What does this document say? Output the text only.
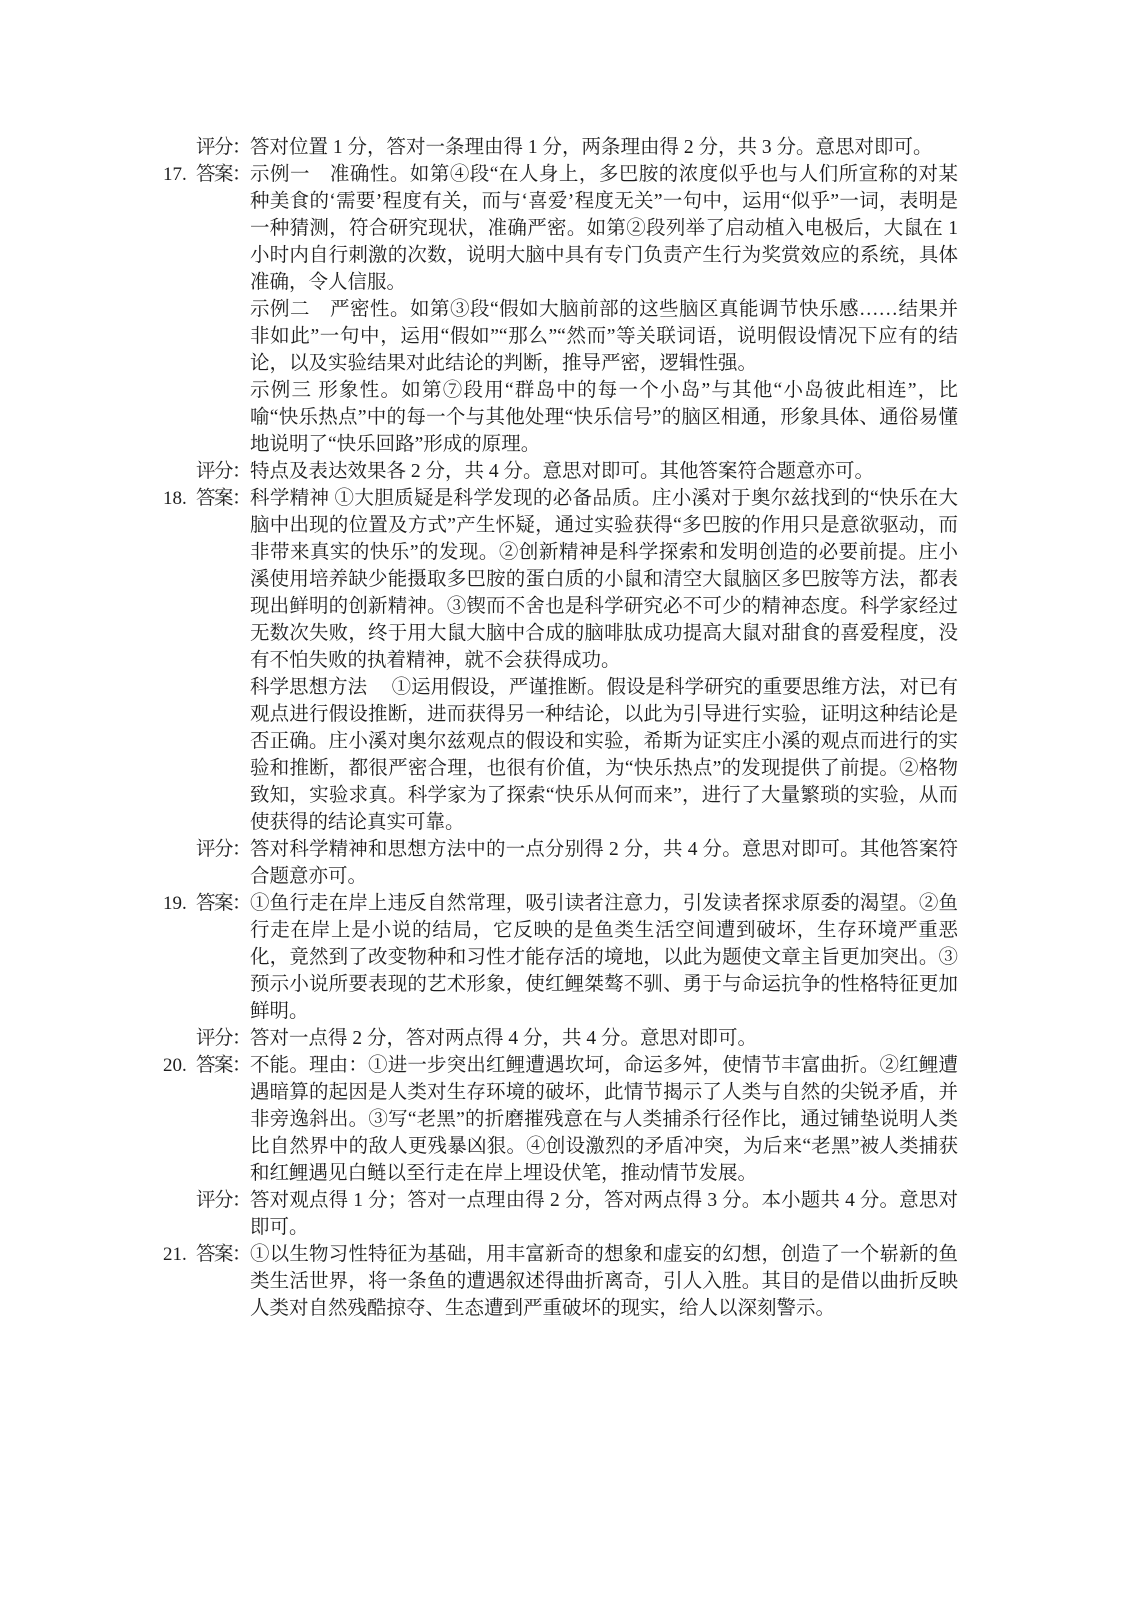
评分： 答对位置 1 分，答对一条理由得 1 分，两条理由得 2 分，共 3 分。意思对即可。
17. 答案： 示例一　准确性。如第④段“在人身上，多巴胺的浓度似乎也与人们所宣称的对某种美食的‘需要’程度有关，而与‘喜爱’程度无关”一句中，运用“似乎”一词，表明是一种猜测，符合研究现状，准确严密。如第②段列举了启动植入电极后，大鼠在 1 小时内自行刺激的次数，说明大脑中具有专门负责产生行为奖赏效应的系统，具体准确，令人信服。
示例二　严密性。如第③段“假如大脑前部的这些脑区真能调节快乐感……结果并非如此”一句中，运用“假如”“那么”“然而”等关联词语，说明假设情况下应有的结论，以及实验结果对此结论的判断，推导严密，逻辑性强。
示例三 形象性。如第⑦段用“群岛中的每一个小岛”与其他“小岛彼此相连”，比喻“快乐热点”中的每一个与其他处理“快乐信号”的脑区相通，形象具体、通俗易懂地说明了“快乐回路”形成的原理。
评分： 特点及表达效果各 2 分，共 4 分。意思对即可。其他答案符合题意亦可。
18. 答案： 科学精神 ①大胆质疑是科学发现的必备品质。庄小溪对于奥尔兹找到的“快乐在大脑中出现的位置及方式”产生怀疑，通过实验获得“多巴胺的作用只是意欲驱动，而非带来真实的快乐”的发现。②创新精神是科学探索和发明创造的必要前提。庄小溪使用培养缺少能摄取多巴胺的蛋白质的小鼠和清空大鼠脑区多巴胺等方法，都表现出鲜明的创新精神。③锲而不舍也是科学研究必不可少的精神态度。科学家经过无数次失败，终于用大鼠大脑中合成的脑啡肽成功提高大鼠对甜食的喜爱程度，没有不怕失败的执着精神，就不会获得成功。
科学思想方法　 ①运用假设，严谨推断。假设是科学研究的重要思维方法，对已有观点进行假设推断，进而获得另一种结论，以此为引导进行实验，证明这种结论是否正确。庄小溪对奥尔兹观点的假设和实验，希斯为证实庄小溪的观点而进行的实验和推断，都很严密合理，也很有价值，为“快乐热点”的发现提供了前提。②格物致知，实验求真。科学家为了探索“快乐从何而来”，进行了大量繁琐的实验，从而使获得的结论真实可靠。
评分： 答对科学精神和思想方法中的一点分别得 2 分，共 4 分。意思对即可。其他答案符合题意亦可。
19. 答案： ①鱼行走在岸上违反自然常理，吸引读者注意力，引发读者探求原委的渴望。②鱼行走在岸上是小说的结局，它反映的是鱼类生活空间遭到破坏，生存环境严重恶化，竟然到了改变物种和习性才能存活的境地，以此为题使文章主旨更加突出。③预示小说所要表现的艺术形象，使红鲤桀骜不驯、勇于与命运抗争的性格特征更加鲜明。
评分： 答对一点得 2 分，答对两点得 4 分，共 4 分。意思对即可。
20. 答案： 不能。理由：①进一步突出红鲤遭遇坎坷，命运多舛，使情节丰富曲折。②红鲤遭遇暗算的起因是人类对生存环境的破坏，此情节揭示了人类与自然的尖锐矛盾，并非旁逸斜出。③写“老黑”的折磨摧残意在与人类捕杀行径作比，通过铺垫说明人类比自然界中的敌人更残暴凶狠。④创设激烈的矛盾冲突，为后来“老黑”被人类捕获和红鲤遇见白鲢以至行走在岸上埋设伏笔，推动情节发展。
评分： 答对观点得 1 分；答对一点理由得 2 分，答对两点得 3 分。本小题共 4 分。意思对即可。
21. 答案： ①以生物习性特征为基础，用丰富新奇的想象和虚妄的幻想，创造了一个崭新的鱼类生活世界，将一条鱼的遭遇叙述得曲折离奇，引人入胜。其目的是借以曲折反映人类对自然残酷掠夺、生态遭到严重破坏的现实，给人以深刻警示。
